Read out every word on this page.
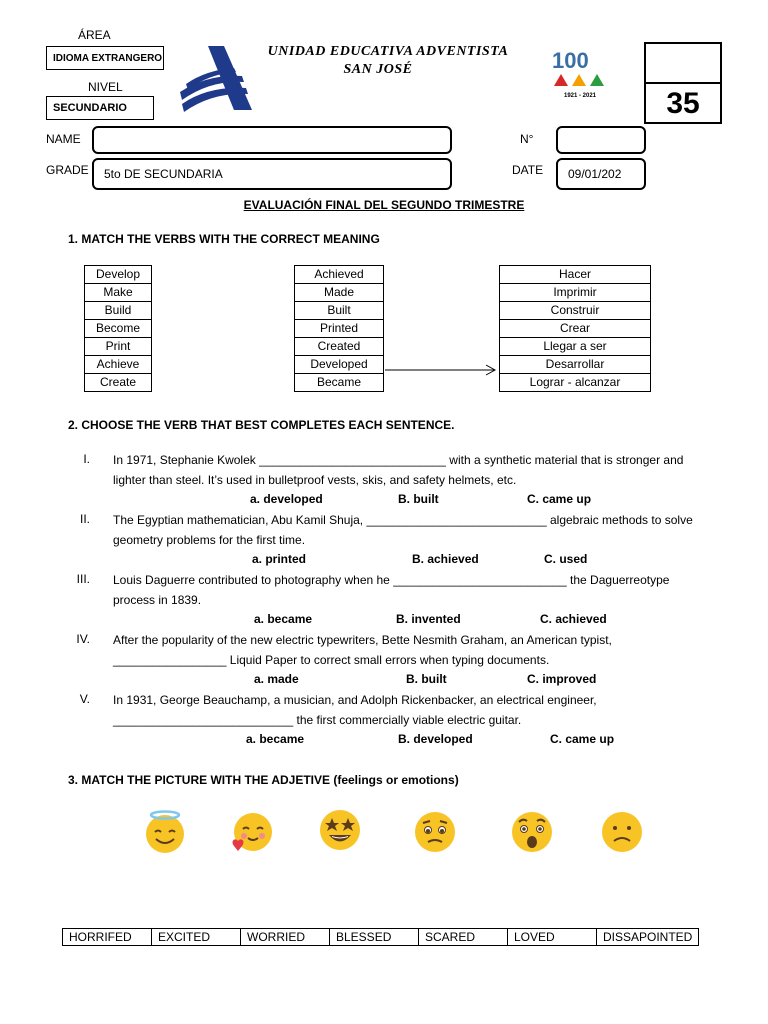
ÁREA
IDIOMA EXTRANGERO
NIVEL
SECUNDARIO
UNIDAD EDUCATIVA ADVENTISTA
SAN JOSÉ	100
1921 - 2021	35
NAME	N°
GRADE	5to DE SECUNDARIA	DATE	09/01/202
EVALUACIÓN FINAL DEL SEGUNDO TRIMESTRE
1. MATCH THE VERBS WITH THE CORRECT MEANING
Develop
Make
Build
Become
Print
Achieve
Create
Achieved
Made
Built
Printed
Created
Developed
Became
Hacer
Imprimir
Construir
Crear
Llegar a ser
Desarrollar
Lograr - alcanzar
2. CHOOSE THE VERB THAT BEST COMPLETES EACH SENTENCE.
I. In 1971, Stephanie Kwolek ____________________________ with a synthetic material that is stronger and
lighter than steel. It’s used in bulletproof vests, skis, and safety helmets, etc.
a. developed	B. built	C. came up
II. The Egyptian mathematician, Abu Kamil Shuja, ___________________________ algebraic methods to solve
geometry problems for the first time.
a. printed	B. achieved	C. used
III. Louis Daguerre contributed to photography when he __________________________ the Daguerreotype
process in 1839.
a. became	B. invented	C. achieved
IV. After the popularity of the new electric typewriters, Bette Nesmith Graham, an American typist,
_________________ Liquid Paper to correct small errors when typing documents.
a. made	B. built	C. improved
V. In 1931, George Beauchamp, a musician, and Adolph Rickenbacker, an electrical engineer,
___________________________ the first commercially viable electric guitar.
a. became	B. developed	C. came up
3. MATCH THE PICTURE WITH THE ADJETIVE (feelings or emotions)
HORRIFED	EXCITED	WORRIED	BLESSED	SCARED	LOVED	DISSAPOINTED
